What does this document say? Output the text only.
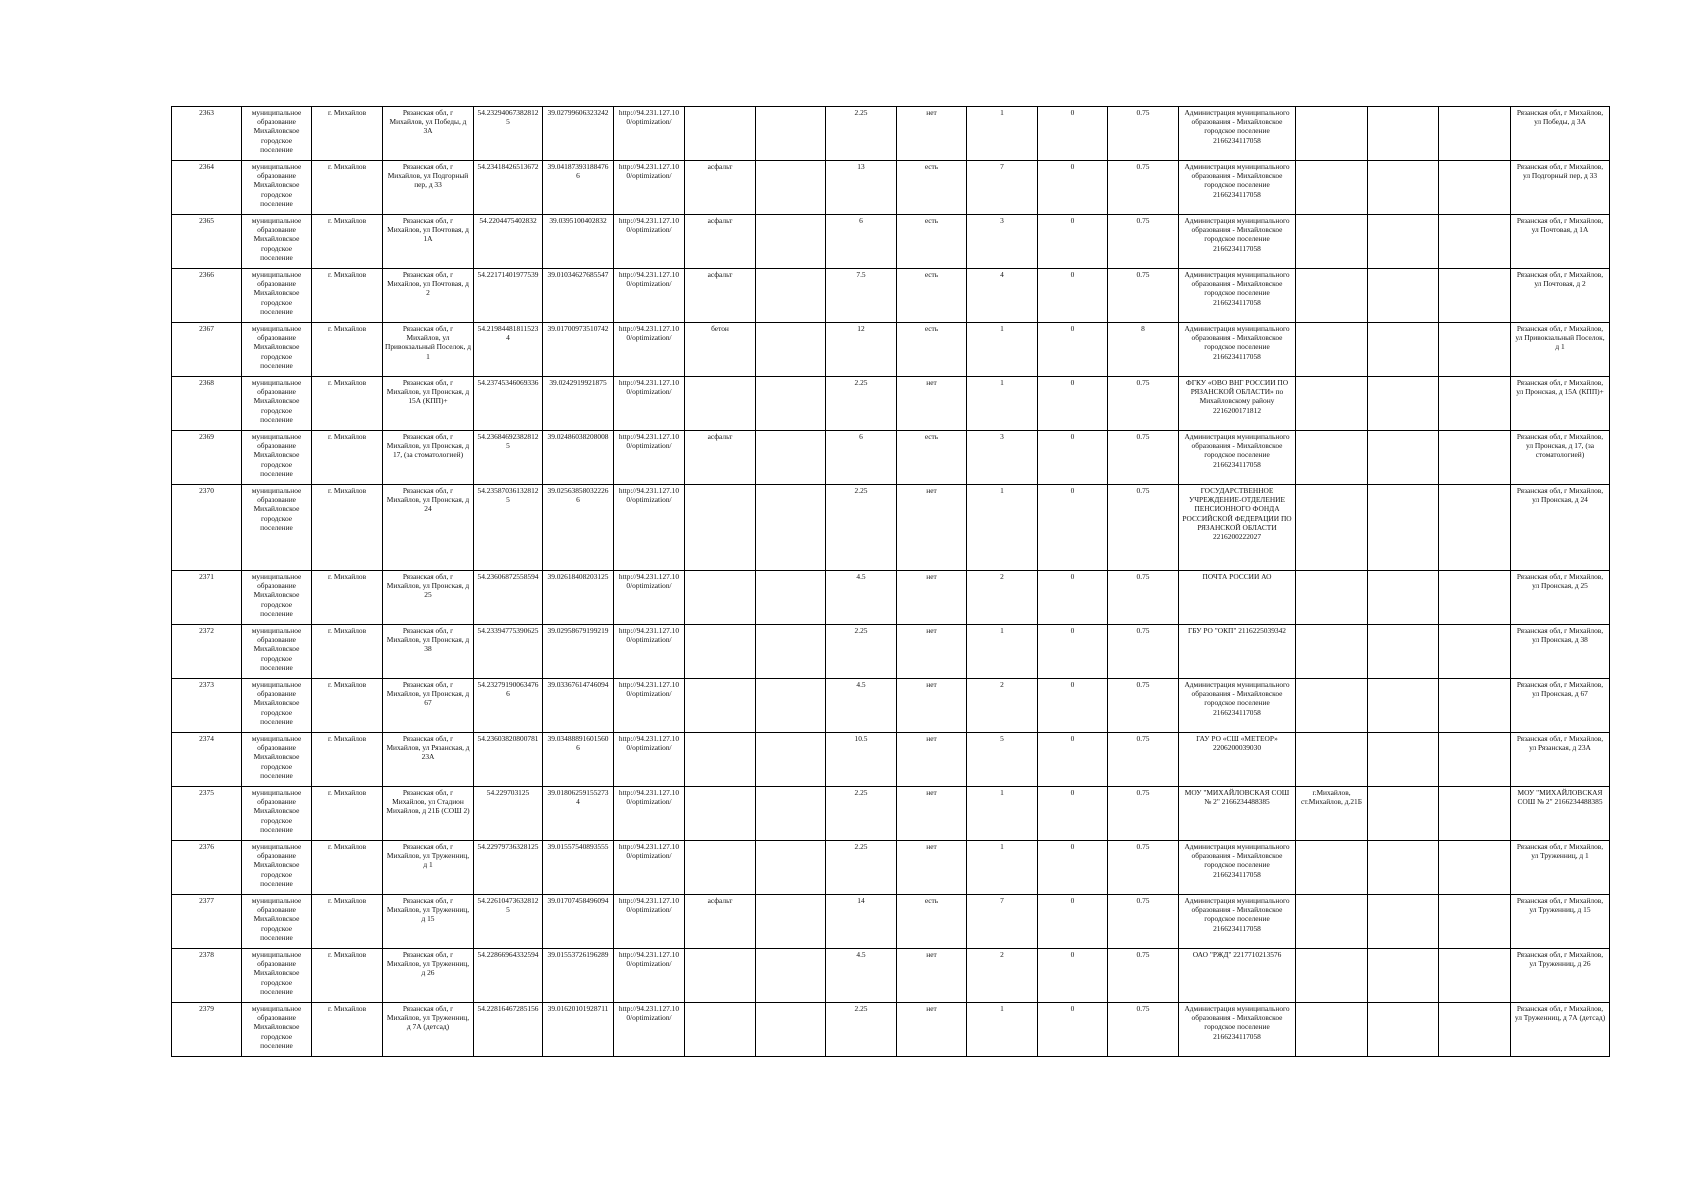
2363	муниципальное образование Михайловское городское поселение	г. Михайлов	Рязанская обл, г Михайлов, ул Победы, д 3А	54.23294067382812 5	39.02799606323242	http://94.231.127.10 0/optimization/			2.25	нет	1	0	0.75	Администрация муниципального образования - Михайловское городское поселение 2166234117058				Рязанская обл, г Михайлов, ул Победы, д 3А
2364	муниципальное образование Михайловское городское поселение	г. Михайлов	Рязанская обл, г Михайлов, ул Подгорный пер, д 33	54.23418426513672	39.04187393188476 6	http://94.231.127.10 0/optimization/	асфальт		13	есть	7	0	0.75	Администрация муниципального образования - Михайловское городское поселение 2166234117058				Рязанская обл, г Михайлов, ул Подгорный пер, д 33
2365	муниципальное образование Михайловское городское поселение	г. Михайлов	Рязанская обл, г Михайлов, ул Почтовая, д 1А	54.2204475402832	39.0395100402832	http://94.231.127.10 0/optimization/	асфальт		6	есть	3	0	0.75	Администрация муниципального образования - Михайловское городское поселение 2166234117058				Рязанская обл, г Михайлов, ул Почтовая, д 1А
2366	муниципальное образование Михайловское городское поселение	г. Михайлов	Рязанская обл, г Михайлов, ул Почтовая, д 2	54.22171401977539	39.01034627685547	http://94.231.127.10 0/optimization/	асфальт		7.5	есть	4	0	0.75	Администрация муниципального образования - Михайловское городское поселение 2166234117058				Рязанская обл, г Михайлов, ул Почтовая, д 2
2367	муниципальное образование Михайловское городское поселение	г. Михайлов	Рязанская обл, г Михайлов, ул Привокзальный Поселок, д 1	54.21984481811523 4	39.01700973510742	http://94.231.127.10 0/optimization/	бетон		12	есть	1	0	8	Администрация муниципального образования - Михайловское городское поселение 2166234117058				Рязанская обл, г Михайлов, ул Привокзальный Поселок, д 1
2368	муниципальное образование Михайловское городское поселение	г. Михайлов	Рязанская обл, г Михайлов, ул Пронская, д 15А (КПП)+	54.23745346069336	39.0242919921875	http://94.231.127.10 0/optimization/			2.25	нет	1	0	0.75	ФГКУ «ОВО ВНГ РОССИИ ПО РЯЗАНСКОЙ ОБЛАСТИ» по Михайловскому району 2216200171812				Рязанская обл, г Михайлов, ул Пронская, д 15А (КПП)+
2369	муниципальное образование Михайловское городское поселение	г. Михайлов	Рязанская обл, г Михайлов, ул Пронская, д 17, (за стоматологией)	54.23684692382812 5	39.02486038208008	http://94.231.127.10 0/optimization/	асфальт		6	есть	3	0	0.75	Администрация муниципального образования - Михайловское городское поселение 2166234117058				Рязанская обл, г Михайлов, ул Пронская, д 17, (за стоматологией)
2370	муниципальное образование Михайловское городское поселение	г. Михайлов	Рязанская обл, г Михайлов, ул Пронская, д 24	54.23587036132812 5	39.02563858032226 6	http://94.231.127.10 0/optimization/			2.25	нет	1	0	0.75	ГОСУДАРСТВЕННОЕ УЧРЕЖДЕНИЕ-ОТДЕЛЕНИЕ ПЕНСИОННОГО ФОНДА РОССИЙСКОЙ ФЕДЕРАЦИИ ПО РЯЗАНСКОЙ ОБЛАСТИ 2216200222027				Рязанская обл, г Михайлов, ул Пронская, д 24
2371	муниципальное образование Михайловское городское поселение	г. Михайлов	Рязанская обл, г Михайлов, ул Пронская, д 25	54.23606872558594	39.02618408203125	http://94.231.127.10 0/optimization/			4.5	нет	2	0	0.75	ПОЧТА РОССИИ АО				Рязанская обл, г Михайлов, ул Пронская, д 25
2372	муниципальное образование Михайловское городское поселение	г. Михайлов	Рязанская обл, г Михайлов, ул Пронская, д 38	54.23394775390625	39.02958679199219	http://94.231.127.10 0/optimization/			2.25	нет	1	0	0.75	ГБУ РО "ОКП" 2116225039342				Рязанская обл, г Михайлов, ул Пронская, д 38
2373	муниципальное образование Михайловское городское поселение	г. Михайлов	Рязанская обл, г Михайлов, ул Пронская, д 67	54.23279190063476 6	39.03367614746094	http://94.231.127.10 0/optimization/			4.5	нет	2	0	0.75	Администрация муниципального образования - Михайловское городское поселение 2166234117058				Рязанская обл, г Михайлов, ул Пронская, д 67
2374	муниципальное образование Михайловское городское поселение	г. Михайлов	Рязанская обл, г Михайлов, ул Рязанская, д 23А	54.23603820800781	39.03488891601560 6	http://94.231.127.10 0/optimization/			10.5	нет	5	0	0.75	ГАУ РО «СШ «МЕТЕОР» 2206200039030				Рязанская обл, г Михайлов, ул Рязанская, д 23А
2375	муниципальное образование Михайловское городское поселение	г. Михайлов	Рязанская обл, г Михайлов, ул Стадион Михайлов, д 21Б (СОШ 2)	54.229703125	39.01806259155273 4	http://94.231.127.10 0/optimization/			2.25	нет	1	0	0.75	МОУ "МИХАЙЛОВСКАЯ СОШ № 2" 2166234488385	г.Михайлов, ст.Михайлов, д.21Б			МОУ "МИХАЙЛОВСКАЯ СОШ № 2" 2166234488385
2376	муниципальное образование Михайловское городское поселение	г. Михайлов	Рязанская обл, г Михайлов, ул Труженниц, д 1	54.22979736328125	39.01557540893555	http://94.231.127.10 0/optimization/			2.25	нет	1	0	0.75	Администрация муниципального образования - Михайловское городское поселение 2166234117058				Рязанская обл, г Михайлов, ул Труженниц, д 1
2377	муниципальное образование Михайловское городское поселение	г. Михайлов	Рязанская обл, г Михайлов, ул Труженниц, д 15	54.22610473632812 5	39.01707458496094	http://94.231.127.10 0/optimization/	асфальт		14	есть	7	0	0.75	Администрация муниципального образования - Михайловское городское поселение 2166234117058				Рязанская обл, г Михайлов, ул Труженниц, д 15
2378	муниципальное образование Михайловское городское поселение	г. Михайлов	Рязанская обл, г Михайлов, ул Труженниц, д 26	54.22866964332594	39.01553726196289	http://94.231.127.10 0/optimization/			4.5	нет	2	0	0.75	ОАО "РЖД" 2217710213576				Рязанская обл, г Михайлов, ул Труженниц, д 26
2379	муниципальное образование Михайловское городское поселение	г. Михайлов	Рязанская обл, г Михайлов, ул Труженниц, д 7А (детсад)	54.22816467285156	39.01620101928711	http://94.231.127.10 0/optimization/			2.25	нет	1	0	0.75	Администрация муниципального образования - Михайловское городское поселение 2166234117058				Рязанская обл, г Михайлов, ул Труженниц, д 7А (детсад)
